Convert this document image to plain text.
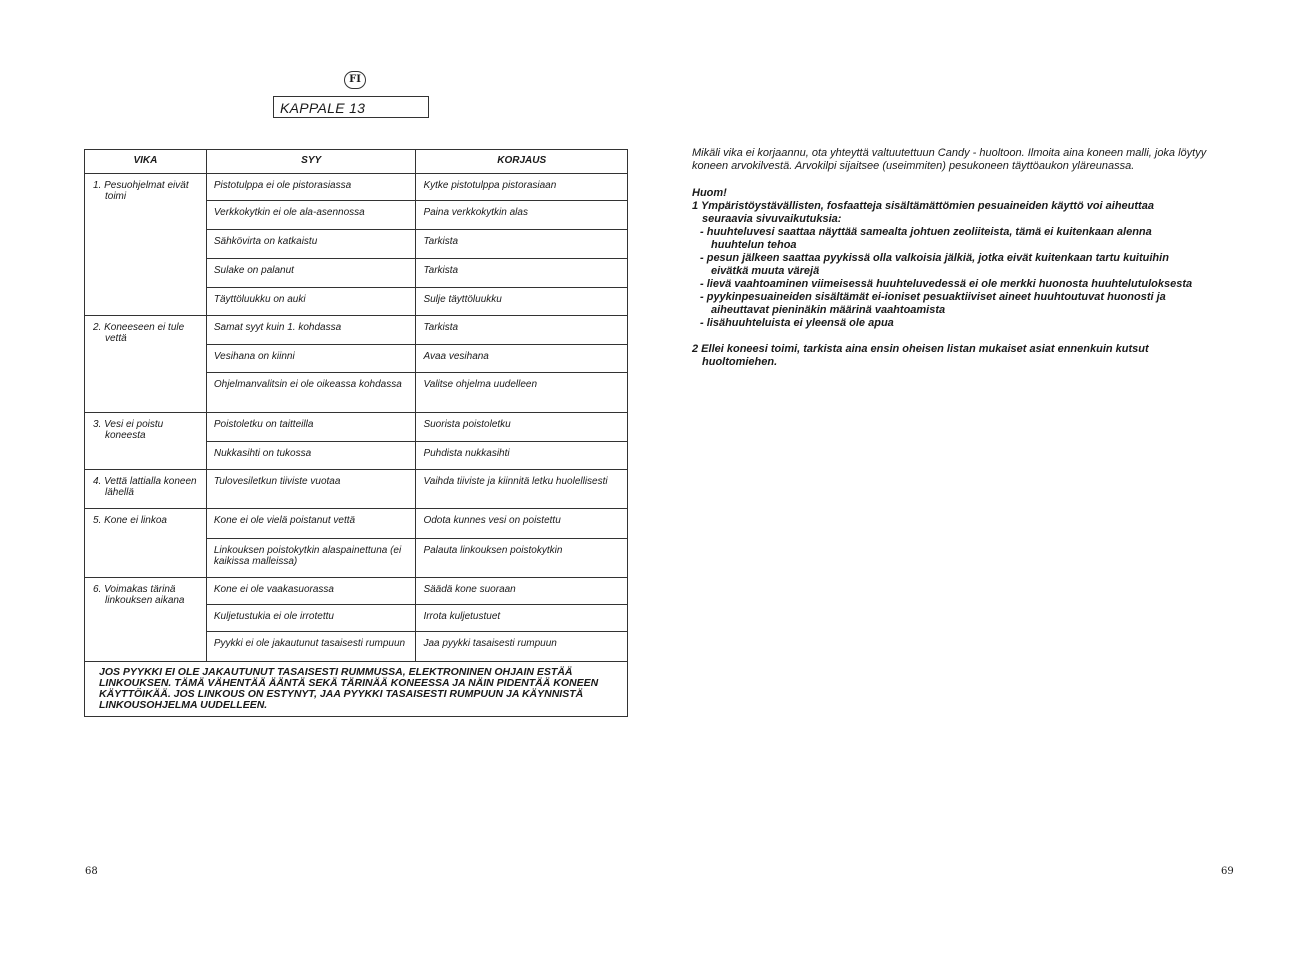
FI
KAPPALE 13
VIKA	SYY	KORJAUS

1. Pesuohjelmat eivät toimi	Pistotulppa ei ole pistorasiassa	Kytke pistotulppa pistorasiaan
	Verkkokytkin ei ole ala-asennossa	Paina verkkokytkin alas
	Sähkövirta on katkaistu	Tarkista
	Sulake on palanut	Tarkista
	Täyttöluukku on auki	Sulje täyttöluukku

2. Koneeseen ei tule vettä	Samat syyt kuin 1. kohdassa	Tarkista
	Vesihana on kiinni	Avaa vesihana
	Ohjelmanvalitsin ei ole oikeassa kohdassa	Valitse ohjelma uudelleen

3. Vesi ei poistu koneesta	Poistoletku on taitteilla	Suorista poistoletku
	Nukkasihti on tukossa	Puhdista nukkasihti

4. Vettä lattialla koneen lähellä	Tulovesiletkun tiiviste vuotaa	Vaihda tiiviste ja kiinnitä letku huolellisesti

5. Kone ei linkoa	Kone ei ole vielä poistanut vettä	Odota kunnes vesi on poistettu
	Linkouksen poistokytkin alaspainettuna (ei kaikissa malleissa)	Palauta linkouksen poistokytkin

6. Voimakas tärinä linkouksen aikana	Kone ei ole vaakasuorassa	Säädä kone suoraan
	Kuljetustukia ei ole irrotettu	Irrota kuljetustuet
	Pyykki ei ole jakautunut tasaisesti rumpuun	Jaa pyykki tasaisesti rumpuun
JOS PYYKKI EI OLE JAKAUTUNUT TASAISESTI RUMMUSSA, ELEKTRONINEN OHJAIN ESTÄÄ LINKOUKSEN. TÄMÄ VÄHENTÄÄ ÄÄNTÄ SEKÄ TÄRINÄÄ KONEESSA JA NÄIN PIDENTÄÄ KONEEN KÄYTTÖIKÄÄ. JOS LINKOUS ON ESTYNYT, JAA PYYKKI TASAISESTI RUMPUUN JA KÄYNNISTÄ LINKOUSOHJELMA UUDELLEEN.		

Mikäli vika ei korjaannu, ota yhteyttä valtuutettuun Candy - huoltoon. Ilmoita aina koneen malli, joka löytyy koneen arvokilvestä. Arvokilpi sijaitsee (useimmiten) pesukoneen täyttöaukon yläreunassa.

Huom!
1 Ympäristöystävällisten, fosfaatteja sisältämättömien pesuaineiden käyttö voi aiheuttaa
seuraavia sivuvaikutuksia:
- huuhteluvesi saattaa näyttää samealta johtuen zeoliiteista, tämä ei kuitenkaan alenna
huuhtelun tehoa
- pesun jälkeen saattaa pyykissä olla valkoisia jälkiä, jotka eivät kuitenkaan tartu kuituihin
eivätkä muuta värejä
- lievä vaahtoaminen viimeisessä huuhteluvedessä ei ole merkki huonosta huuhtelutuloksesta
- pyykinpesuaineiden sisältämät ei-ioniset pesuaktiiviset aineet huuhtoutuvat huonosti ja
aiheuttavat pieninäkin määrinä vaahtoamista
- lisähuuhteluista ei yleensä ole apua
2 Ellei koneesi toimi, tarkista aina ensin oheisen listan mukaiset asiat ennenkuin kutsut
huoltomiehen.
68	69
